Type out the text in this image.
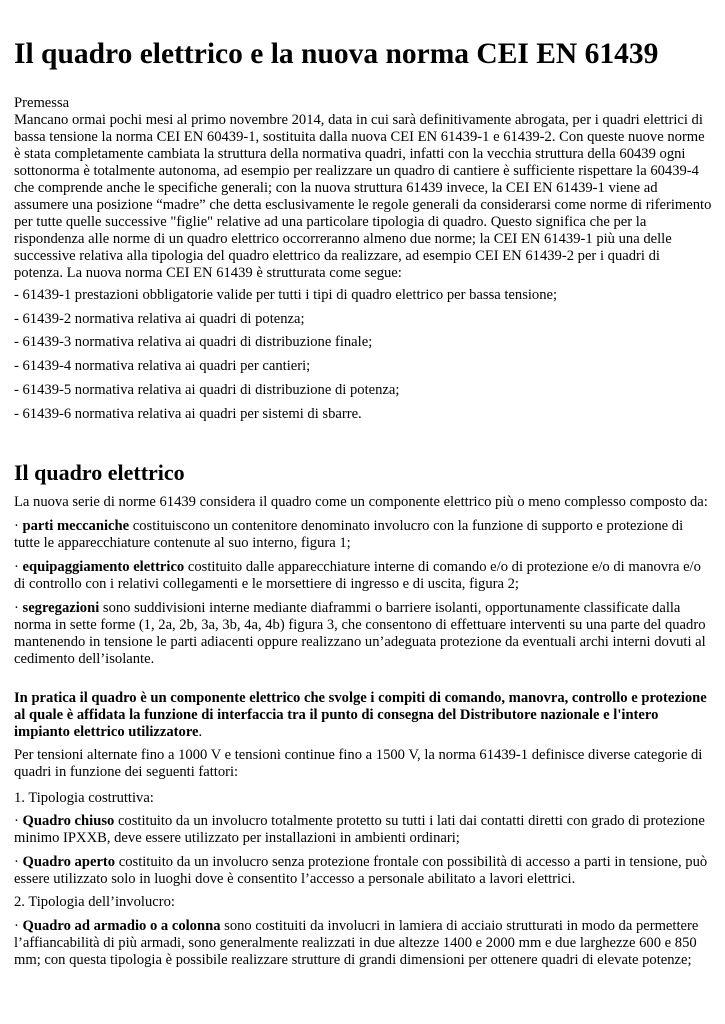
Il quadro elettrico e la nuova norma CEI EN 61439
Premessa
Mancano ormai pochi mesi al primo novembre 2014, data in cui sarà definitivamente abrogata, per i quadri elettrici di bassa tensione la norma CEI EN 60439-1, sostituita dalla nuova CEI EN 61439-1 e 61439-2. Con queste nuove norme è stata completamente cambiata la struttura della normativa quadri, infatti con la vecchia struttura della 60439 ogni sottonorma è totalmente autonoma, ad esempio per realizzare un quadro di cantiere è sufficiente rispettare la 60439-4 che comprende anche le specifiche generali; con la nuova struttura 61439 invece, la CEI EN 61439-1 viene ad assumere una posizione “madre” che detta esclusivamente le regole generali da considerarsi come norme di riferimento per tutte quelle successive "figlie" relative ad una particolare tipologia di quadro. Questo significa che per la rispondenza alle norme di un quadro elettrico occorreranno almeno due norme; la CEI EN 61439-1 più una delle successive relativa alla tipologia del quadro elettrico da realizzare, ad esempio CEI EN 61439-2 per i quadri di potenza. La nuova norma CEI EN 61439 è strutturata come segue:
- 61439-1 prestazioni obbligatorie valide per tutti i tipi di quadro elettrico per bassa tensione;
- 61439-2 normativa relativa ai quadri di potenza;
- 61439-3 normativa relativa ai quadri di distribuzione finale;
- 61439-4 normativa relativa ai quadri per cantieri;
- 61439-5 normativa relativa ai quadri di distribuzione di potenza;
- 61439-6 normativa relativa ai quadri per sistemi di sbarre.
Il quadro elettrico
La nuova serie di norme 61439 considera il quadro come un componente elettrico più o meno complesso composto da:
· parti meccaniche costituiscono un contenitore denominato involucro con la funzione di supporto e protezione di tutte le apparecchiature contenute al suo interno, figura 1;
· equipaggiamento elettrico costituito dalle apparecchiature interne di comando e/o di protezione e/o di manovra e/o di controllo con i relativi collegamenti e le morsettiere di ingresso e di uscita, figura 2;
· segregazioni sono suddivisioni interne mediante diaframmi o barriere isolanti, opportunamente classificate dalla norma in sette forme (1, 2a, 2b, 3a, 3b, 4a, 4b) figura 3, che consentono di effettuare interventi su una parte del quadro mantenendo in tensione le parti adiacenti oppure realizzano un’adeguata protezione da eventuali archi interni dovuti al cedimento dell’isolante.
In pratica il quadro è un componente elettrico che svolge i compiti di comando, manovra, controllo e protezione al quale è affidata la funzione di interfaccia tra il punto di consegna del Distributore nazionale e l'intero impianto elettrico utilizzatore.
Per tensioni alternate fino a 1000 V e tensioni continue fino a 1500 V, la norma 61439-1 definisce diverse categorie di quadri in funzione dei seguenti fattori:
1. Tipologia costruttiva:
· Quadro chiuso costituito da un involucro totalmente protetto su tutti i lati dai contatti diretti con grado di protezione minimo IPXXB, deve essere utilizzato per installazioni in ambienti ordinari;
· Quadro aperto costituito da un involucro senza protezione frontale con possibilità di accesso a parti in tensione, può essere utilizzato solo in luoghi dove è consentito l’accesso a personale abilitato a lavori elettrici.
2. Tipologia dell’involucro:
· Quadro ad armadio o a colonna sono costituiti da involucri in lamiera di acciaio strutturati in modo da permettere l’affiancabilità di più armadi, sono generalmente realizzati in due altezze 1400 e 2000 mm e due larghezze 600 e 850 mm; con questa tipologia è possibile realizzare strutture di grandi dimensioni per ottenere quadri di elevate potenze;
